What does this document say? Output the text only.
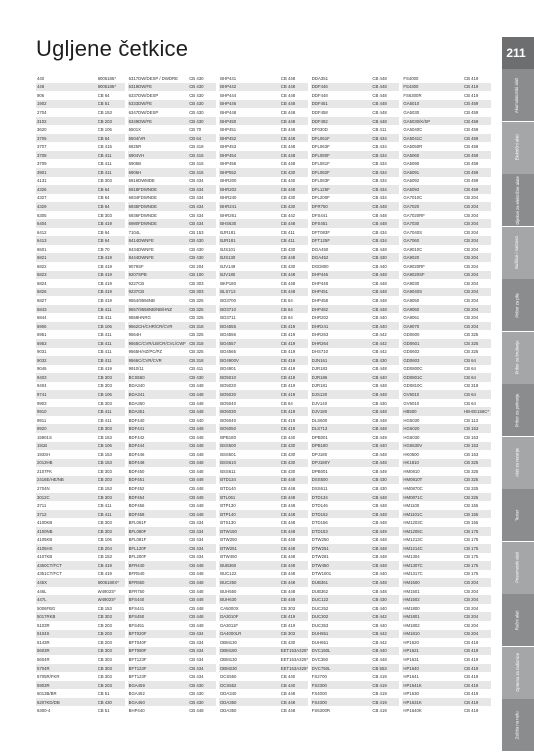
Ugljene četkice	211
Akumulatorski alati
Električni alati
Dijelovi za električne alate
Bušilice i nastavci
Pribor za pile
Pribor za brušenje
Pribor za poliranje
Alati za rezanje
Tester
Pneumatski alati
Ručni alati
Oprema za radionice
Zaštita na radu
440	8005185*
448	8005185*
906	CB 64
1902	CB 51
2704	CB 153
3102	CB 203
3620	CB 106
3706	CB 64
3707	CB 415
3708	CB 411
3709	CB 411
3901	CB 411
4131	CB 303
4326	CB 64
4327	CB 64
4329	CB 64
6305	CB 303
6404	CB 419
6412	CB 64
6413	CB 64
6501	CB 70
6821	CB 419
6822	CB 419
6823	CB 419
6824	CB 419
6826	CB 419
6827	CB 419
6843	CB 411
6844	CB 411
6906	CB 106
6951	CB 411
6953	CB 411
9031	CB 411
9032	CB 411
9046	CB 419
9403	CB 303
9404	CB 303
9741	CB 106
9903	CB 303
9910	CB 411
9911	CB 411
9920	CB 303
15901S	CB 153
191B	CB 106
193SH	CB 153
2013HB	CB 153
2107FK	CB 303
2416E/HE/NB	CB 203
2704N	CB 153
3012C	CB 303
3711	CB 411
3712	CB 411
4100KB	CB 303
4100NB	CB 303
4105KB	CB 106
4105HS	CB 204
4107KB	CB 153
4350CT/FCT	CB 419
4351CT/FCT	CB 419
445X	8005180X*
446L	W4902S*
447L	W4902S*
5006FBG	CB 153
5017RKB	CB 303
5103R	CB 203
5104S	CB 203
5143R	CB 203
5603R	CB 303
5604R	CB 303
5704R	CB 303
5705R/FKR	CB 303
5903R	CB 203
6013B/BR	CB 51
6207KD/DB	CB 430
6300-4	CB 51
6317DW/DESP / DWDRE	CB 430
6319DW/FE	CB 430
6337DW/DESP	CB 430
6333DW/FE	CB 430
6347DW/DESP	CB 430
6349DW/FE	CB 430
6501X	CB 70
6504/VR	CB 64
6825R	CB 419
6904VH	CB 415
6905B	CB 415
6906H	CB 415
6916DWMDE	CB 434
6918FDWNDE	CB 434
6934FDWNDE	CB 434
6935FDWNDE	CB 434
6936FDWNDE	CB 434
6980FDWNDE	CB 434
7104L	CB 153
8414DWNFE	CB 430
8434DWNFE	CB 430
8444DWNFE	CB 430
9079SF	CB 204
9207SPB	CB 100
9227CB	CB 303
9237CB	CB 303
9554/9556NB	CB 325
9557/9558NB/NB/HNZ	CB 325
9558HNRG	CB 325
9562CH/CHR/CR/CVR	CB 318
9564H	CB 325
9565C/CVR/LB/CR/CVL/CWF CB 318
9565H/HZ/PC/PZ	CB 325
9566C/CVR/CVR	CB 318
9910/11	CB 411
BCS550	CB 430
BDA340	CB 448
BDA341	CB 448
BDA350	CB 448
BDA351	CB 448
BDF440	CB 440
BDF441	CB 448
BDF442	CB 448
BDF444	CB 448
BDF446	CB 448
BDF448	CB 448
BDF450	CB 448
BDF451	CB 448
BDF452	CB 448
BDF454	CB 448
BDF456	CB 448
BDF458	CB 448
BFL061F	CB 434
BFL080F	CB 434
BFL081F	CB 434
BFL120F	CB 434
BFL200F	CB 434
BFR440	CB 448
BFR540	CB 448
BFR550	CB 448
BFR750	CB 448
BFS440	CB 448
BFS441	CB 448
BFS450	CB 448
BFS451	CB 448
BFT020F	CB 434
BFT040F	CB 434
BFT080F	CB 434
BFT123F	CB 434
BFT123F	CB 434
BFT123F	CB 434
BGA459	CB 430
BGA452	CB 430
BGA460	CB 430
BHP440	CB 448
BHP441	CB 448
BHP442	CB 448
BHP444	CB 448
BHP446	CB 448
BHP448	CB 448
BHP450	CB 448
BHP451	CB 448
BHP452	CB 448
BHP453	CB 448
BHP454	CB 448
BHP456	CB 448
BHP552	CB 430
BHR200	CB 440
BHR202	CB 448
BHR240	CB 430
BHR241	CB 430
BHR261	CB 442
BHS630	CB 448
BJR181	CB 411
BJR181	CB 411
BJS101	CB 430
BJS130	CB 448
BJV149	CB 430
BJV180	CB 448
BKP180	CB 448
BLS713	CB 448
BO3700	CB 64
BO3710	CB 64
BO3711	CB 64
BO4555	CB 419
BO4556	CB 419
BO4557	CB 419
BO4565	CB 419
BO4900V	CB 419
BO4901	CB 419
BO5010	CB 419
BO5020	CB 419
BO5030	CB 419
BO5040	CB 64
BO6030	CB 419
BO6040	CB 419
BO6050	CB 419
BPB180	CB 440
BSS500	CB 430
BSS501	CB 430
BSS610	CB 430
BSS611	CB 430
BTD134	CB 448
BTD140	CB 448
BTL061	CB 448
BTP130	CB 448
BTP140	CB 448
BTS130	CB 448
BTW150	CB 448
BTW250	CB 448
BTW251	CB 448
BTW450	CB 448
BUB360	CB 448
BUC122	CB 448
BUC250	CB 448
BUH550	CB 448
BUH630	CB 448
CA5000X	CB 303
DA3010F	CB 419
DA3011F	CB 419
DA4000LR	CB 303
DBM130	CB 430
DBM180	EET153A325*
DBM130	EET153A325*
DBM230	EET153A325*
DCS550	CB 440
DCS552	CB 440
DDA340	CB 448
DDA350	CB 448
DDA350	CB 448
DDA351	CB 448
DDF446	CB 448
DDF448	CB 448
DDF451	CB 448
DDF458	CB 448
DDF482	CB 448
DF030D	CB 411
DFL061F	CB 434
DFL063F	CB 434
DFL080F	CB 434
DFL081F	CB 434
DFL082F	CB 434
DFL083F	CB 434
DFL125F	CB 434
DFL200F	CB 434
DFR750	CB 448
DFS441	CB 448
DFS451	CB 448
DFT083F	CB 434
DFT125F	CB 434
DGA450	CB 448
DGA452	CB 430
DGD800	CB 440
DHP446	CB 448
DHP448	CB 448
DHP451	CB 448
DHP458	CB 448
DHP482	CB 448
DHR202	CB 440
DHR241	CB 440
DHR263	CB 442
DHR264	CB 442
DHS710	CB 442
DJN161	CB 430
DJR183	CB 448
DJR186	CB 440
DJR181	CB 448
DJS130	CB 448
DJV140	CB 430
DJV180	CB 448
DLS600	CB 448
DLS713	CB 448
DPB001	CB 449
DPB180	CB 440
DPJ180	CB 448
DPJ180Y	CB 448
DPB001	CB 449
DSS500	CB 430
DSS611	CB 430
DTD134	CB 448
DTD146	CB 448
DTD152	CB 448
DTD156	CB 448
DTD153	CB 449
DTW250	CB 448
DTW251	CB 448
DTW281	CB 448
DTW450	CB 448
DTW1001	CB 440
DUB361	CB 448
DUB362	CB 448
DUC122	CB 430
DUC252	CB 440
DUC302	CB 442
DUC353	CB 440
DUH551	CB 442
DUH651	CB 442
DVC150L	CB 440
DVC350	CB 448
DVC750L	CB 553
FS2700	CB 419
FS2300	CB 419
FS4000	CB 419
FS4300	CB 419
FS6300R	CB 419
FS4000	CB 419
FS4300	CB 419
FS6300R	CB 419
GA5010	CB 459
GA5030	CB 459
GA5030/K/SP	CB 459
GA5040C	CB 459
GA5041C	CB 459
GA5050R	CB 459
GA5060	CB 459
GA5090	CB 459
GA5091	CB 459
GA5092	CB 459
GA5093	CB 459
GA7010C	CB 204
GA7020	CB 204
GA7020RF	CB 204
GA7030	CB 204
GA7040S	CB 204
GA7060	CB 204
GA9010C	CB 204
GA9020	CB 204
GA9020RF	CB 204
GA9020SF	CB 204
GA9030	CB 204
GA9040S	CB 204
GA9050	CB 204
GA9060	CB 204
GA9061	CB 204
GA9070	CB 204
GD0600	CB 325
GD0601	CB 325
GD0602	CB 325
GD0603	CB 64
GD0800C	CB 64
GD0801C	CB 64
GD0810C	CB 318
GV5010	CB 64
GV6010	CB 64
HB500	HB-EE156C*
HG5030	CB 113
HG6020	CB 153
HG6030	CB 153
HG6530V	CB 153
HK0500	CB 153
HK1810	CB 325
HM0810	CB 325
HM0810T	CB 325
HM0870C	CB 325
HM0871C	CB 325
HM1100	CB 155
HM1101C	CB 155
HM1203C	CB 155
HM1205C	CB 175
HM1213C	CB 175
HM1214C	CB 175
HM1304	CB 175
HM1307C	CB 175
HM1317C	CB 175
HM1500	CB 204
HM1501	CB 204
HM1502	CB 204
HM1800	CB 204
HM1801	CB 204
HM1802	CB 204
HM1810	CB 204
HP1620	CB 419
HP1621	CB 419
HP1631	CB 419
HP1640	CB 419
HP1641	CB 419
HP1641K	CB 419
HP1630	CB 419
HP1631K	CB 419
HP1640K	CB 419
